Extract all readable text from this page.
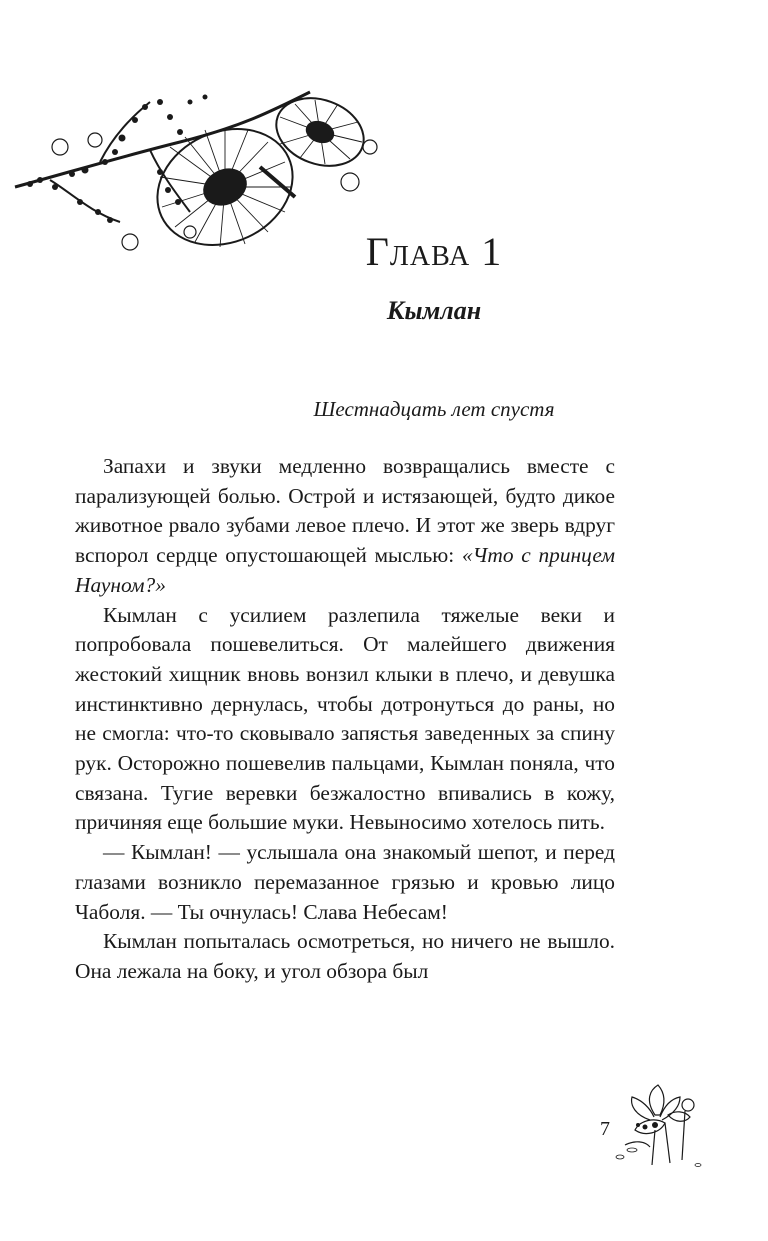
Глава 1
Кымлан

Шестнадцать лет спустя

Запахи и звуки медленно возвращались вместе с парализующей болью. Острой и истязающей, будто дикое животное рвало зубами левое плечо. И этот же зверь вдруг вспорол сердце опустошающей мыслью: «Что с принцем Науном?»

Кымлан с усилием разлепила тяжелые веки и попробовала пошевелиться. От малейшего движения жестокий хищник вновь вонзил клыки в плечо, и девушка инстинктивно дернулась, чтобы дотронуться до раны, но не смогла: что-то сковывало запястья заведенных за спину рук. Осторожно пошевелив пальцами, Кымлан поняла, что связана. Тугие веревки безжалостно впивались в кожу, причиняя еще большие муки. Невыносимо хотелось пить.

— Кымлан! — услышала она знакомый шепот, и перед глазами возникло перемазанное грязью и кровью лицо Чаболя. — Ты очнулась! Слава Небесам!

Кымлан попыталась осмотреться, но ничего не вышло. Она лежала на боку, и угол обзора был

7
